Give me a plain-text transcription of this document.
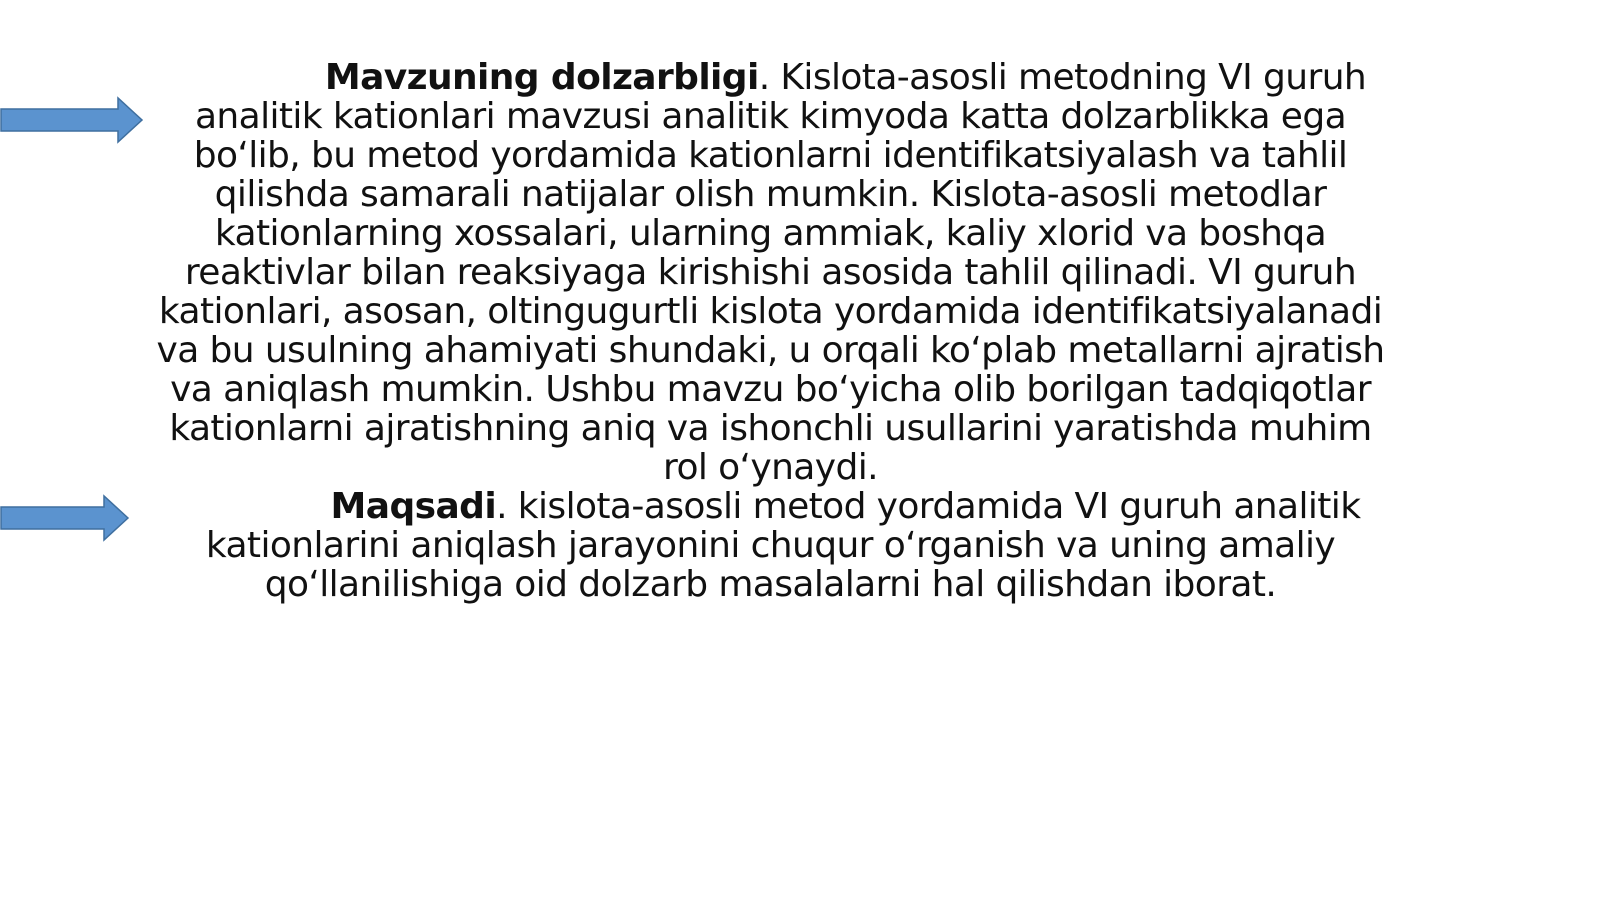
Mavzuning dolzarbligi. Kislota-asosli metodning VI guruh
analitik kationlari mavzusi analitik kimyoda katta dolzarblikka ega
boʻlib, bu metod yordamida kationlarni identifikatsiyalash va tahlil
qilishda samarali natijalar olish mumkin. Kislota-asosli metodlar
kationlarning xossalari, ularning ammiak, kaliy xlorid va boshqa
reaktivlar bilan reaksiyaga kirishishi asosida tahlil qilinadi. VI guruh
kationlari, asosan, oltingugurtli kislota yordamida identifikatsiyalanadi
va bu usulning ahamiyati shundaki, u orqali koʻplab metallarni ajratish
va aniqlash mumkin. Ushbu mavzu boʻyicha olib borilgan tadqiqotlar
kationlarni ajratishning aniq va ishonchli usullarini yaratishda muhim
rol oʻynaydi.
Maqsadi. kislota-asosli metod yordamida VI guruh analitik
kationlarini aniqlash jarayonini chuqur oʻrganish va uning amaliy
qoʻllanilishiga oid dolzarb masalalarni hal qilishdan iborat.
